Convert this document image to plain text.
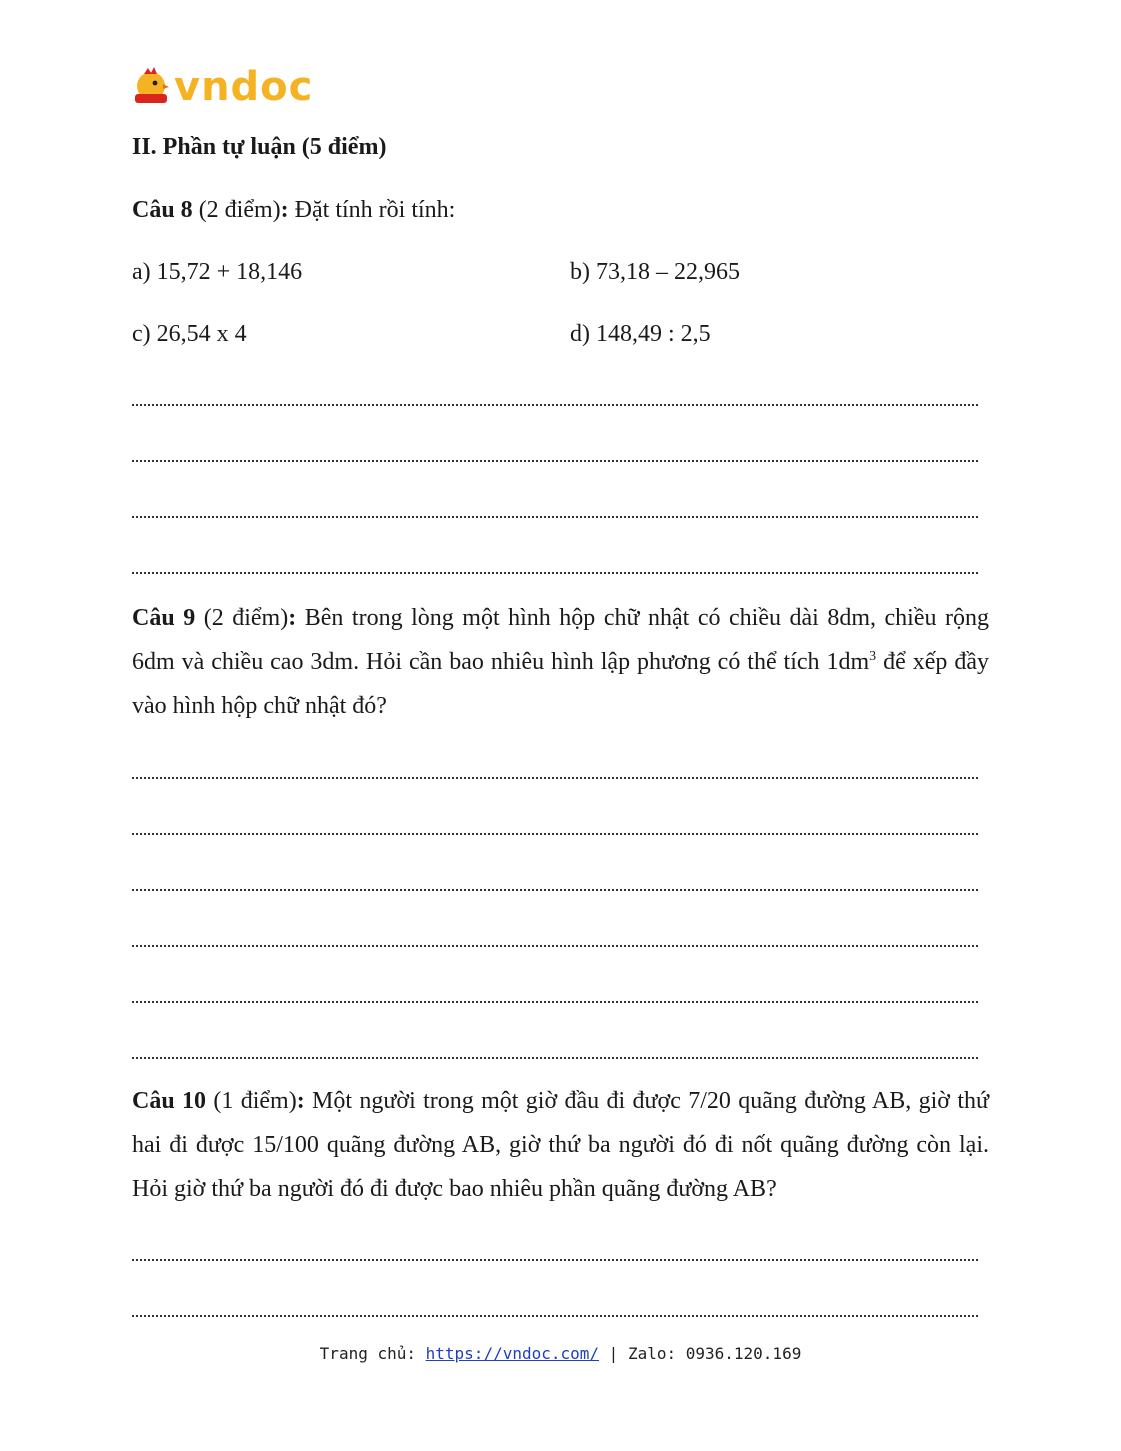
vndoc
II. Phần tự luận (5 điểm)
Câu 8 (2 điểm): Đặt tính rồi tính:
a) 15,72 + 18,146	b) 73,18 – 22,965
c) 26,54 x 4	d) 148,49 : 2,5
Câu 9 (2 điểm): Bên trong lòng một hình hộp chữ nhật có chiều dài 8dm, chiều rộng 6dm và chiều cao 3dm. Hỏi cần bao nhiêu hình lập phương có thể tích $1dm^3$ để xếp đầy vào hình hộp chữ nhật đó?
Câu 10 (1 điểm): Một người trong một giờ đầu đi được 7/20 quãng đường AB, giờ thứ hai đi được 15/100 quãng đường AB, giờ thứ ba người đó đi nốt quãng đường còn lại. Hỏi giờ thứ ba người đó đi được bao nhiêu phần quãng đường AB?
Trang chủ: https://vndoc.com/ | Zalo: 0936.120.169
